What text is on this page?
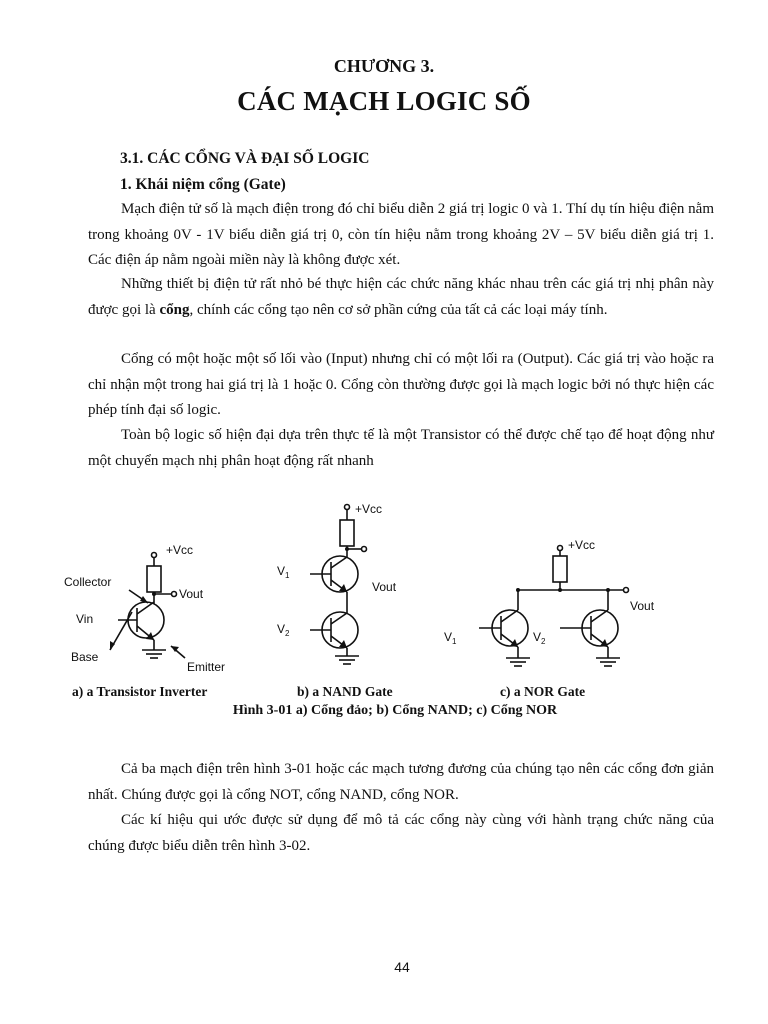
CHƯƠNG 3.
CÁC MẠCH LOGIC SỐ
3.1. CÁC CỔNG VÀ ĐẠI SỐ LOGIC
1. Khái niệm cổng (Gate)

Mạch điện tử số là mạch điện trong đó chỉ biểu diễn 2 giá trị logic 0 và 1. Thí dụ tín hiệu điện nằm trong khoảng 0V - 1V biểu diễn giá trị 0, còn tín hiệu nằm trong khoảng 2V – 5V biểu diễn giá trị 1. Các điện áp nằm ngoài miền này là không được xét.

Những thiết bị điện tử rất nhỏ bé thực hiện các chức năng khác nhau trên các giá trị nhị phân này được gọi là cổng, chính các cổng tạo nên cơ sở phần cứng của tất cả các loại máy tính.

Cổng có một hoặc một số lối vào (Input) nhưng chỉ có một lối ra (Output). Các giá trị vào hoặc ra chỉ nhận một trong hai giá trị là 1 hoặc 0. Cổng còn thường được gọi là mạch logic bởi nó thực hiện các phép tính đại số logic.

Toàn bộ logic số hiện đại dựa trên thực tế là một Transistor có thể được chế tạo để hoạt động như một chuyển mạch nhị phân hoạt động rất nhanh

+Vcc
Collector
Vout
Vin
Base
Emitter
+Vcc
$V_1$
Vout
$V_2$
+Vcc
Vout
$V_1$	$V_2$
a) a Transistor Inverter	b) a NAND Gate	c) a NOR Gate
Hình 3-01 a) Cổng đảo; b) Cổng NAND; c) Cổng NOR

Cả ba mạch điện trên hình 3-01 hoặc các mạch tương đương của chúng tạo nên các cổng đơn giản nhất. Chúng được gọi là cổng NOT, cổng NAND, cổng NOR.

Các kí hiệu qui ước được sử dụng để mô tả các cổng này cùng với hành trạng chức năng của chúng được biểu diễn trên hình 3-02.

44
